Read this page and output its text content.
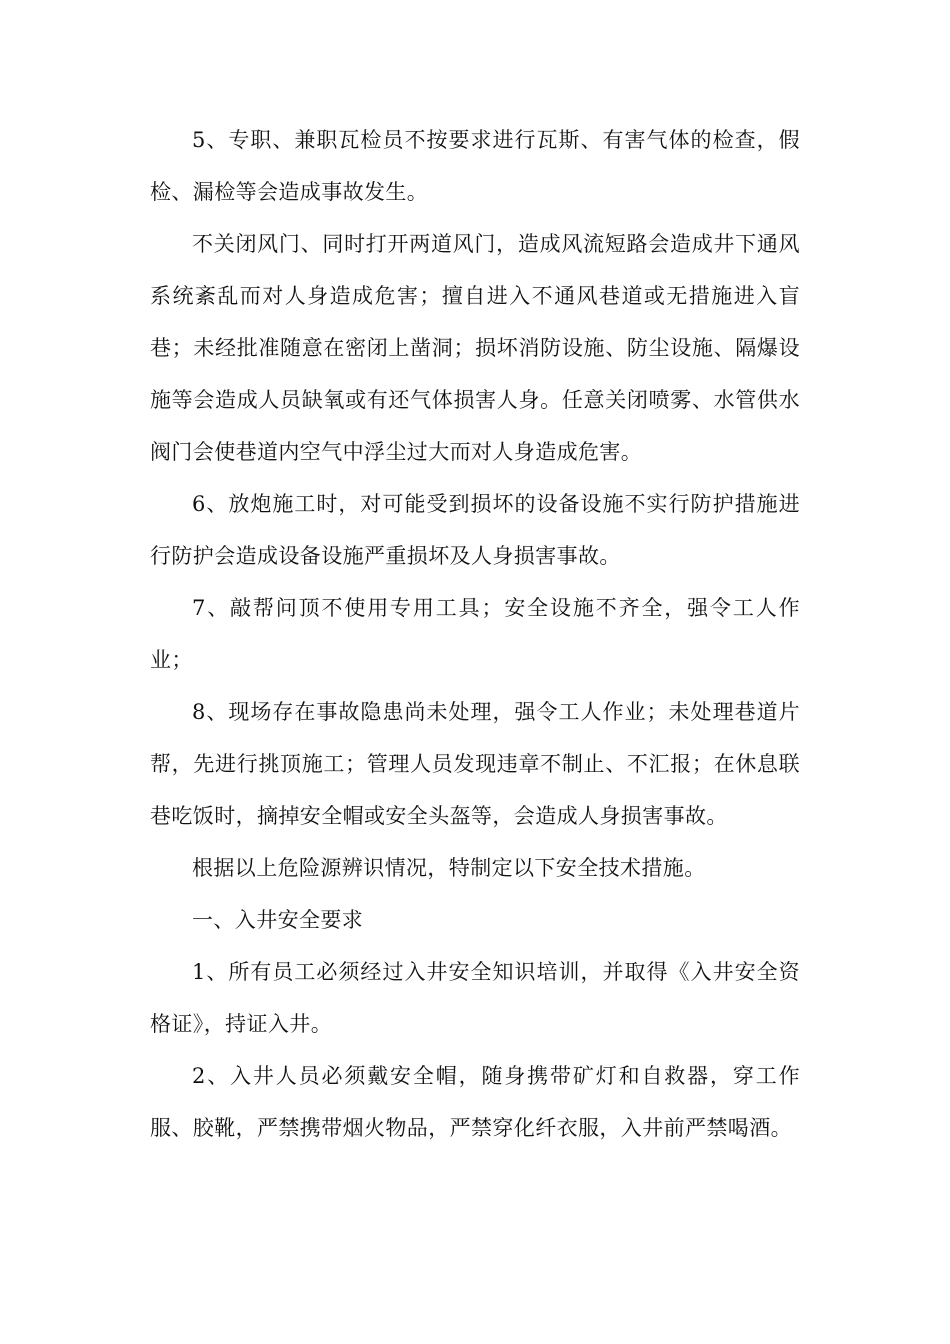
5、专职、兼职瓦检员不按要求进行瓦斯、有害气体的检查，假检、漏检等会造成事故发生。

不关闭风门、同时打开两道风门，造成风流短路会造成井下通风系统紊乱而对人身造成危害；擅自进入不通风巷道或无措施进入盲巷；未经批准随意在密闭上凿洞；损坏消防设施、防尘设施、隔爆设施等会造成人员缺氧或有还气体损害人身。任意关闭喷雾、水管供水阀门会使巷道内空气中浮尘过大而对人身造成危害。

6、放炮施工时，对可能受到损坏的设备设施不实行防护措施进行防护会造成设备设施严重损坏及人身损害事故。

7、敲帮问顶不使用专用工具；安全设施不齐全，强令工人作业；

8、现场存在事故隐患尚未处理，强令工人作业；未处理巷道片帮，先进行挑顶施工；管理人员发现违章不制止、不汇报；在休息联巷吃饭时，摘掉安全帽或安全头盔等，会造成人身损害事故。

根据以上危险源辨识情况，特制定以下安全技术措施。

一、入井安全要求

1、所有员工必须经过入井安全知识培训，并取得《入井安全资格证》，持证入井。

2、入井人员必须戴安全帽，随身携带矿灯和自救器，穿工作服、胶靴，严禁携带烟火物品，严禁穿化纤衣服，入井前严禁喝酒。
